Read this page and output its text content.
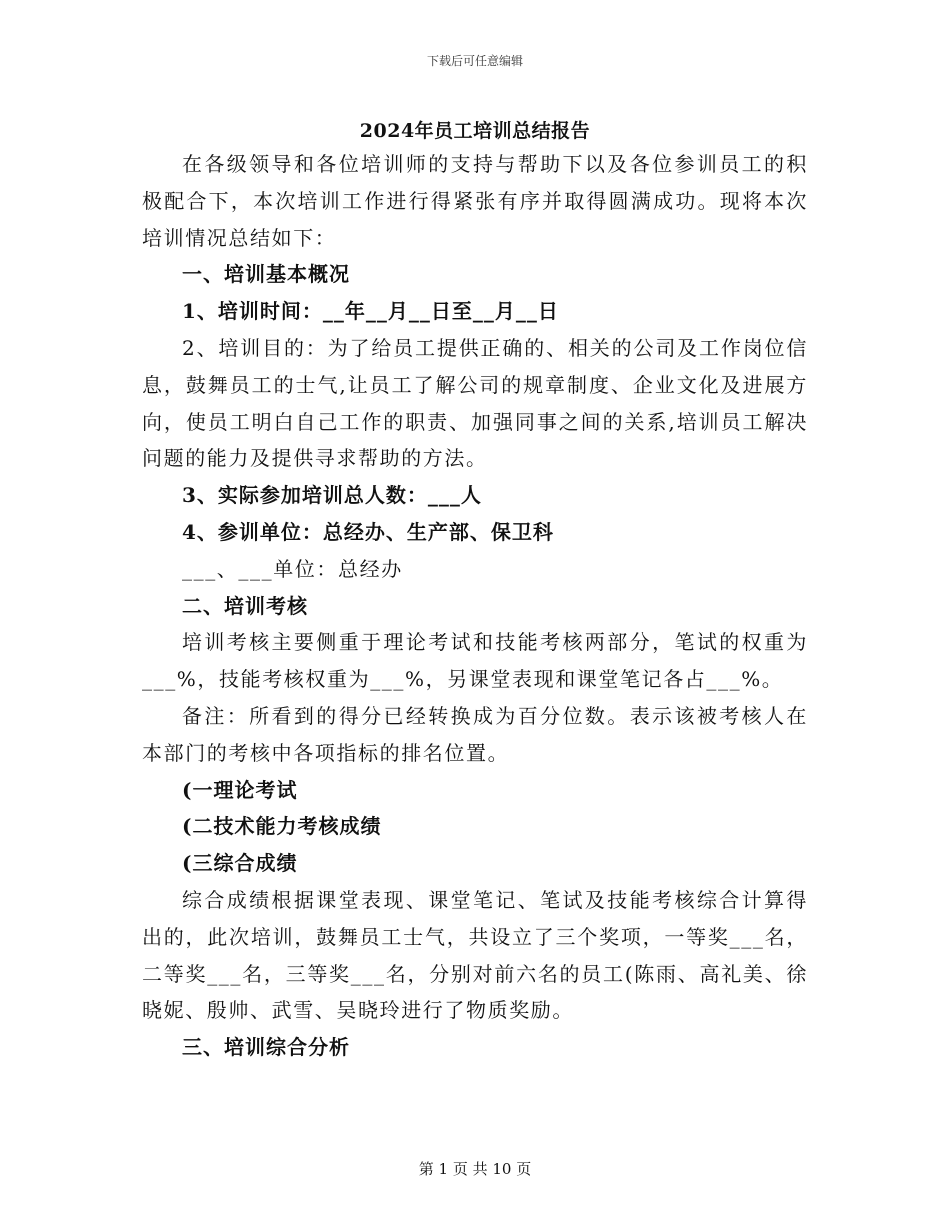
下载后可任意编辑
2024年员工培训总结报告

在各级领导和各位培训师的支持与帮助下以及各位参训员工的积极配合下，本次培训工作进行得紧张有序并取得圆满成功。现将本次培训情况总结如下：

一、培训基本概况

1、培训时间：__年__月__日至__月__日

2、培训目的：为了给员工提供正确的、相关的公司及工作岗位信息，鼓舞员工的士气,让员工了解公司的规章制度、企业文化及进展方向，使员工明白自己工作的职责、加强同事之间的关系,培训员工解决问题的能力及提供寻求帮助的方法。

3、实际参加培训总人数：___人

4、参训单位：总经办、生产部、保卫科

___、___单位：总经办

二、培训考核

培训考核主要侧重于理论考试和技能考核两部分，笔试的权重为___%，技能考核权重为___%，另课堂表现和课堂笔记各占___%。

备注：所看到的得分已经转换成为百分位数。表示该被考核人在本部门的考核中各项指标的排名位置。

(一理论考试

(二技术能力考核成绩

(三综合成绩

综合成绩根据课堂表现、课堂笔记、笔试及技能考核综合计算得出的，此次培训，鼓舞员工士气，共设立了三个奖项，一等奖___名，二等奖___名，三等奖___名，分别对前六名的员工(陈雨、高礼美、徐晓妮、殷帅、武雪、吴晓玲进行了物质奖励。

三、培训综合分析

第 1 页 共 10 页
